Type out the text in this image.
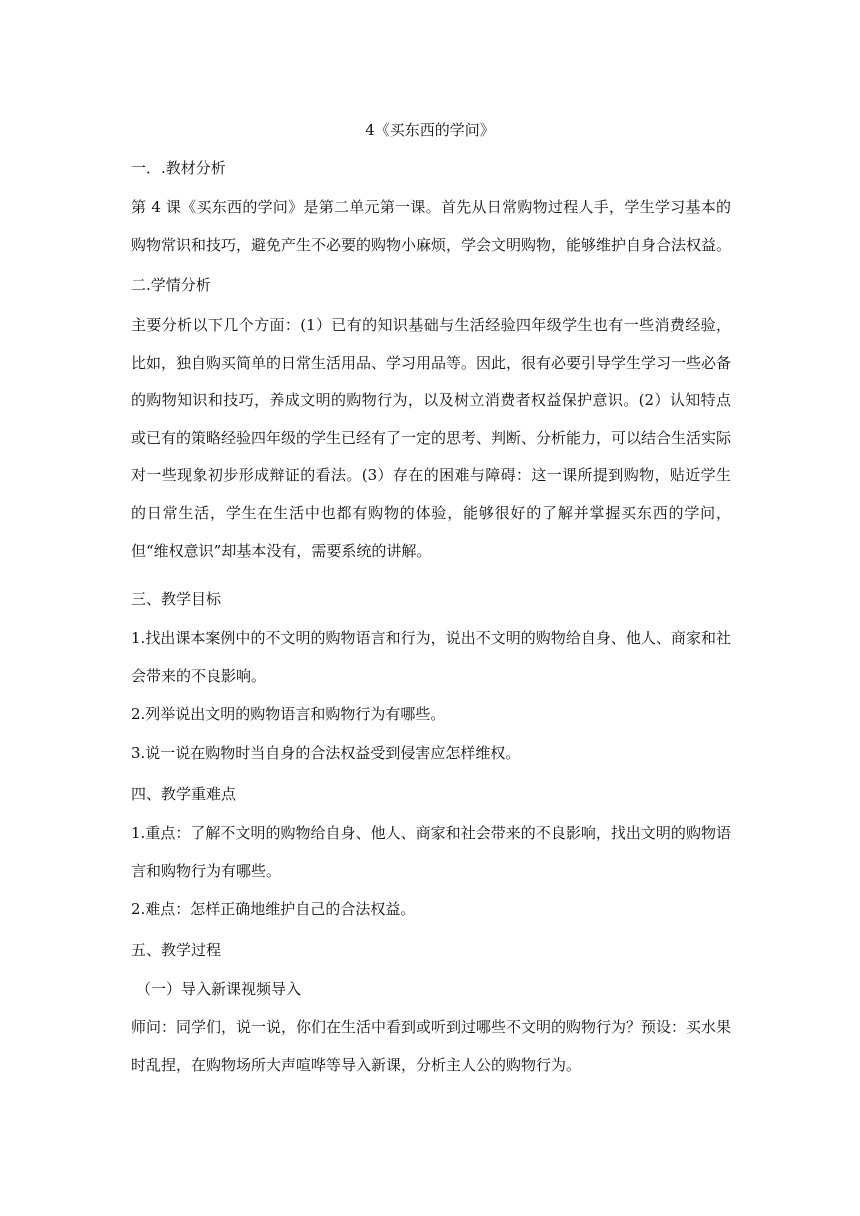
4《买东西的学问》
一．.教材分析

第 4 课《买东西的学问》是第二单元第一课。首先从日常购物过程人手，学生学习基本的购物常识和技巧，避免产生不必要的购物小麻烦，学会文明购物，能够维护自身合法权益。

二.学情分析

主要分析以下几个方面：(1）已有的知识基础与生活经验四年级学生也有一些消费经验，比如，独自购买简单的日常生活用品、学习用品等。因此，很有必要引导学生学习一些必备的购物知识和技巧，养成文明的购物行为，以及树立消费者权益保护意识。(2）认知特点或已有的策略经验四年级的学生已经有了一定的思考、判断、分析能力，可以结合生活实际对一些现象初步形成辩证的看法。(3）存在的困难与障碍：这一课所提到购物，贴近学生的日常生活，学生在生活中也都有购物的体验，能够很好的了解并掌握买东西的学问，但“维权意识”却基本没有，需要系统的讲解。

三、教学目标

1.找出课本案例中的不文明的购物语言和行为，说出不文明的购物给自身、他人、商家和社会带来的不良影响。

2.列举说出文明的购物语言和购物行为有哪些。

3.说一说在购物时当自身的合法权益受到侵害应怎样维权。

四、教学重难点

1.重点：了解不文明的购物给自身、他人、商家和社会带来的不良影响，找出文明的购物语言和购物行为有哪些。

2.难点：怎样正确地维护自己的合法权益。

五、教学过程
（一）导入新课视频导入

师问：同学们，说一说，你们在生活中看到或听到过哪些不文明的购物行为？预设：买水果时乱捏，在购物场所大声喧哗等导入新课，分析主人公的购物行为。
